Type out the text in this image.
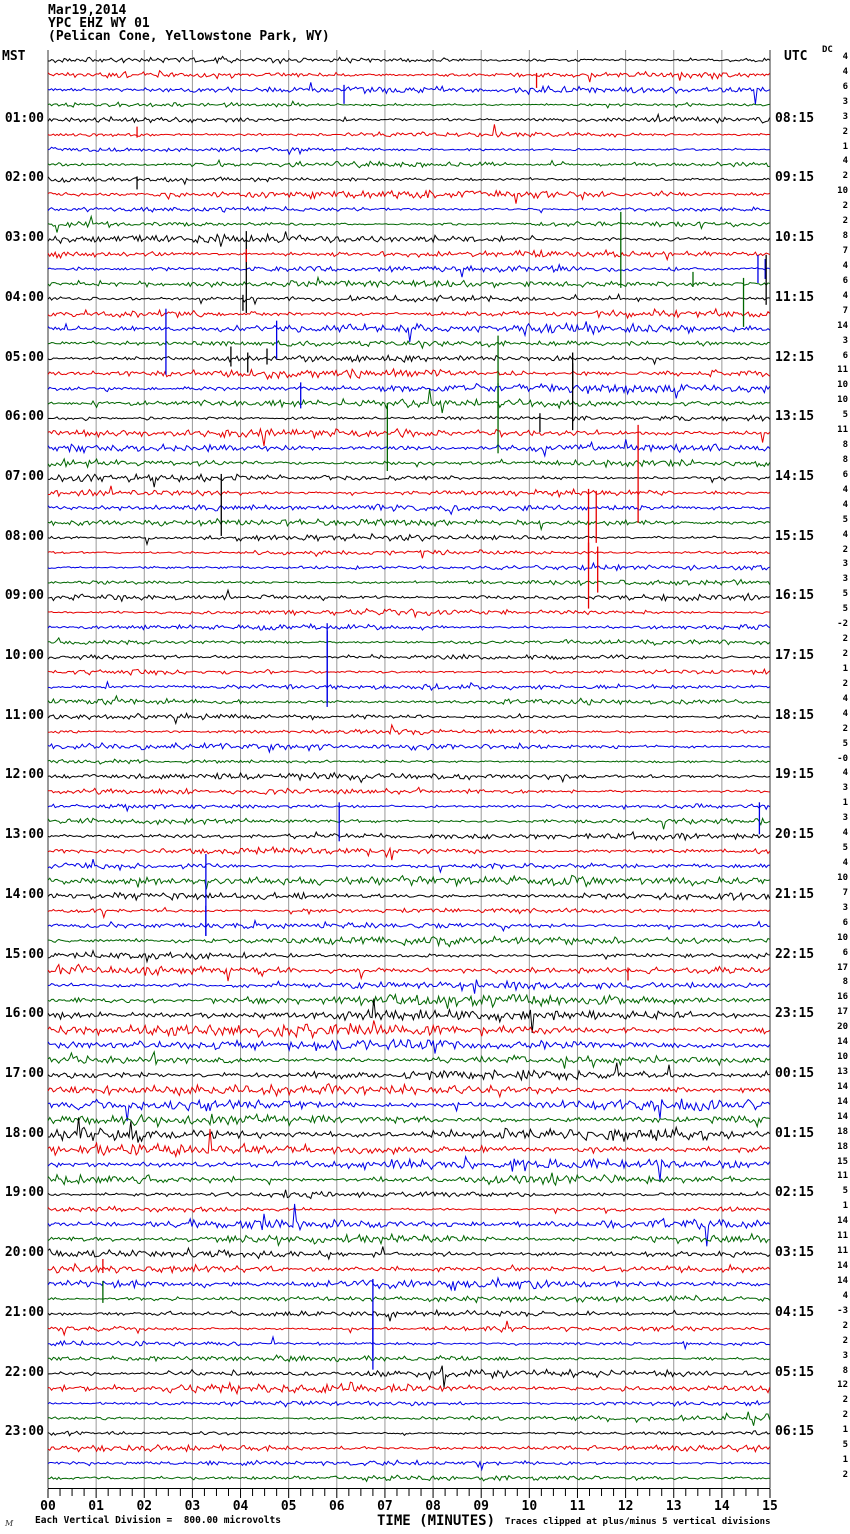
Mar19,2014
YPC EHZ WY 01
(Pelican Cone, Yellowstone Park, WY)
MST	UTC DC
01:00
02:00
03:00
04:00
05:00
06:00
07:00
08:00
09:00
10:00
11:00
12:00
13:00
14:00
15:00
16:00
17:00
18:00
19:00
20:00
21:00
22:00
23:00
08:15
09:15
10:15
11:15
12:15
13:15
14:15
15:15
16:15
17:15
18:15
19:15
20:15
21:15
22:15
23:15
00:15
01:15
02:15
03:15
04:15
05:15
06:15
4
4
6
3
3
2
1
4
2
10
2
2
8
7
4
6
4
7
14
3
6
11
10
10
5
11
8
8
6
4
4
5
4
2
3
3
5
5
-2
2
2
1
2
4
4
2
5
-0
4
3
1
3
4
5
4
10
7
3
6
10
6
17
8
16
17
20
14
10
13
14
14
14
18
18
15
11
5
1
14
11
11
14
14
4
-3
2
2
3
8
12
2
2
1
5
1
2
00 01 02 03 04 05 06 07 08 09 10 11 12 13 14 15
M Each Vertical Division =  800.00 microvolts	TIME (MINUTES) Traces clipped at plus/minus 5 vertical divisions
